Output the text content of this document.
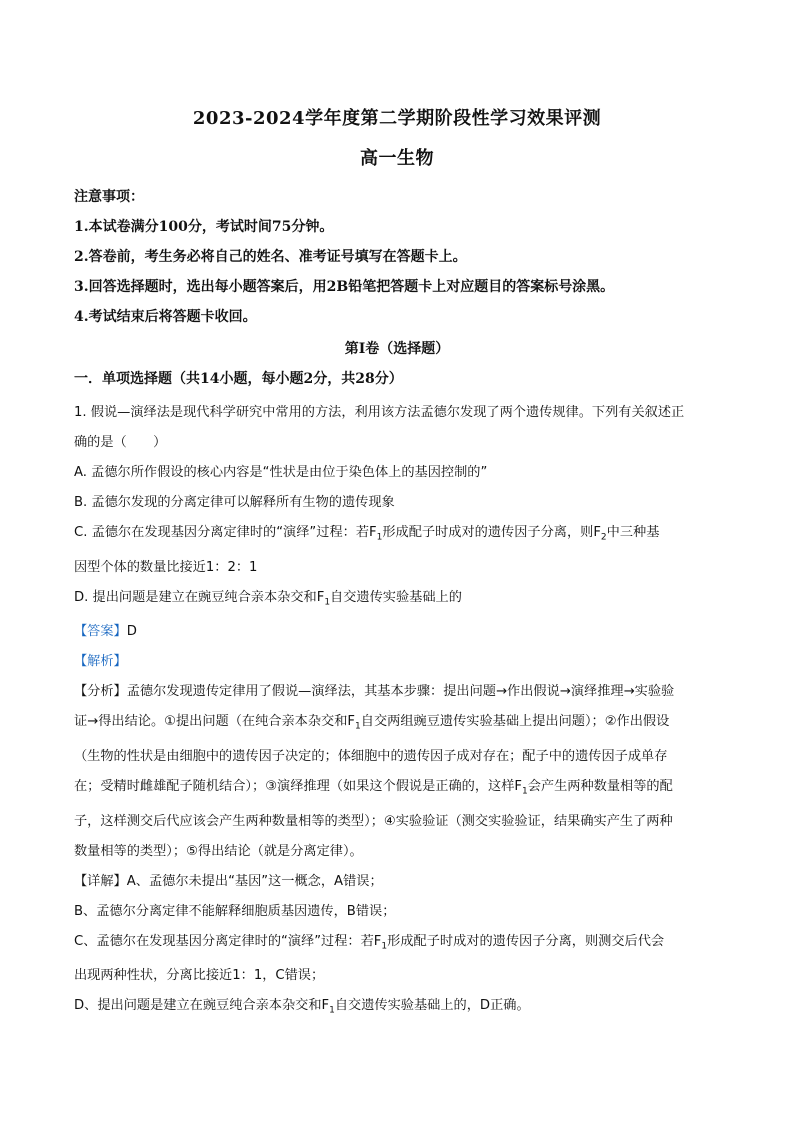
2023-2024学年度第二学期阶段性学习效果评测
高一生物
注意事项：
1.本试卷满分100分，考试时间75分钟。
2.答卷前，考生务必将自己的姓名、准考证号填写在答题卡上。
3.回答选择题时，选出每小题答案后，用2B铅笔把答题卡上对应题目的答案标号涂黑。
4.考试结束后将答题卡收回。
第I卷（选择题）
一．单项选择题（共14小题，每小题2分，共28分）
1. 假说—演绎法是现代科学研究中常用的方法，利用该方法孟德尔发现了两个遗传规律。下列有关叙述正
确的是（　　）
A. 孟德尔所作假设的核心内容是“性状是由位于染色体上的基因控制的”
B. 孟德尔发现的分离定律可以解释所有生物的遗传现象
C. 孟德尔在发现基因分离定律时的“演绎”过程：若$F_1$形成配子时成对的遗传因子分离，则$F_2$中三种基
因型个体的数量比接近1：2：1
D. 提出问题是建立在豌豆纯合亲本杂交和$F_1$自交遗传实验基础上的
【答案】D
【解析】
【分析】孟德尔发现遗传定律用了假说—演绎法，其基本步骤：提出问题→作出假说→演绎推理→实验验
证→得出结论。①提出问题（在纯合亲本杂交和$F_1$自交两组豌豆遗传实验基础上提出问题）；②作出假设
（生物的性状是由细胞中的遗传因子决定的；体细胞中的遗传因子成对存在；配子中的遗传因子成单存
在；受精时雌雄配子随机结合）；③演绎推理（如果这个假说是正确的，这样$F_1$会产生两种数量相等的配
子，这样测交后代应该会产生两种数量相等的类型）；④实验验证（测交实验验证，结果确实产生了两种
数量相等的类型）；⑤得出结论（就是分离定律）。
【详解】A、孟德尔未提出“基因”这一概念，A错误；
B、孟德尔分离定律不能解释细胞质基因遗传，B错误；
C、孟德尔在发现基因分离定律时的“演绎”过程：若$F_1$形成配子时成对的遗传因子分离，则测交后代会
出现两种性状，分离比接近1：1，C错误；
D、提出问题是建立在豌豆纯合亲本杂交和$F_1$自交遗传实验基础上的，D正确。
